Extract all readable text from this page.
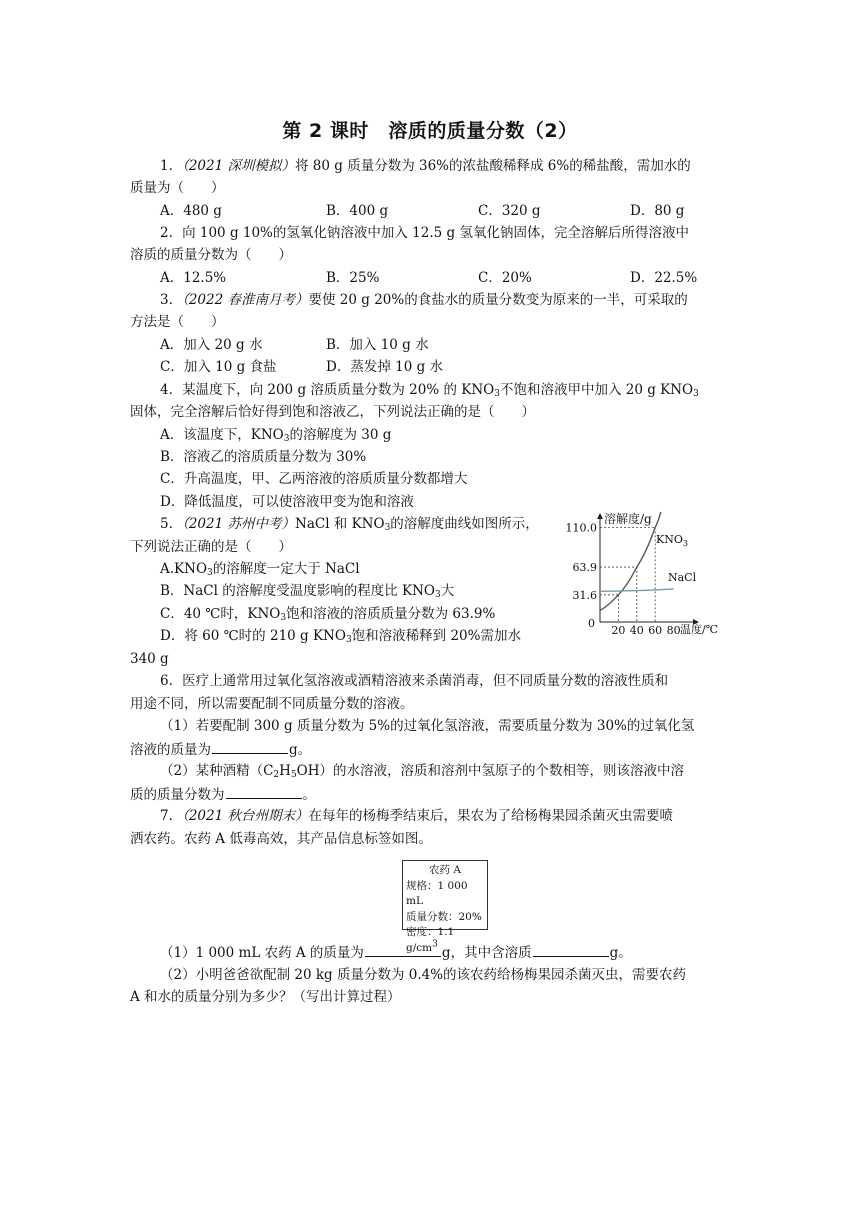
第 2 课时　溶质的质量分数（2）
1．（2021 深圳模拟）将 80 g 质量分数为 36%的浓盐酸稀释成 6%的稀盐酸，需加水的
质量为（　　）
A．480 g	B．400 g	C．320 g	D．80 g
2．向 100 g 10%的氢氧化钠溶液中加入 12.5 g 氢氧化钠固体，完全溶解后所得溶液中
溶质的质量分数为（　　）
A．12.5%	B．25%	C．20%	D．22.5%
3．（2022 春淮南月考）要使 20 g 20%的食盐水的质量分数变为原来的一半，可采取的
方法是（　　）
A．加入 20 g 水	B．加入 10 g 水
C．加入 10 g 食盐	D．蒸发掉 10 g 水
4．某温度下，向 200 g 溶质质量分数为 20% 的 $KNO_3$不饱和溶液甲中加入 20 g $KNO_3$
固体，完全溶解后恰好得到饱和溶液乙，下列说法正确的是（　　）
A．该温度下，$KNO_3$的溶解度为 30 g
B．溶液乙的溶质质量分数为 30%
C．升高温度，甲、乙两溶液的溶质质量分数都增大
D．降低温度，可以使溶液甲变为饱和溶液
5．（2021 苏州中考）NaCl 和 $KNO_3$的溶解度曲线如图所示，
下列说法正确的是（　　）
$A.KNO_3$的溶解度一定大于 NaCl
B．NaCl 的溶解度受温度影响的程度比 $KNO_3$大
C．40 ℃时，$KNO_3$饱和溶液的溶质质量分数为 63.9%
D．将 60 ℃时的 210 g $KNO_3$饱和溶液稀释到 20%需加水
340 g
溶解度/g
温度/℃
0
20 40 60 80
31.6
63.9
110.0
$KNO_3$
NaCl
6．医疗上通常用过氧化氢溶液或酒精溶液来杀菌消毒，但不同质量分数的溶液性质和
用途不同，所以需要配制不同质量分数的溶液。
（1）若要配制 300 g 质量分数为 5%的过氧化氢溶液，需要质量分数为 30%的过氧化氢
溶液的质量为	g。
（2）某种酒精$(C_2H_5OH)$的水溶液，溶质和溶剂中氢原子的个数相等，则该溶液中溶
质的质量分数为	。
7．（2021 秋台州期末）在每年的杨梅季结束后，果农为了给杨梅果园杀菌灭虫需要喷
洒农药。农药 A 低毒高效，其产品信息标签如图。
农药 A
规格：1 000 mL
质量分数：20%
密度：1.1 $g/cm^3$
（1）1 000 mL 农药 A 的质量为	g，其中含溶质	g。
（2）小明爸爸欲配制 20 kg 质量分数为 0.4%的该农药给杨梅果园杀菌灭虫，需要农药
A 和水的质量分别为多少？（写出计算过程）
